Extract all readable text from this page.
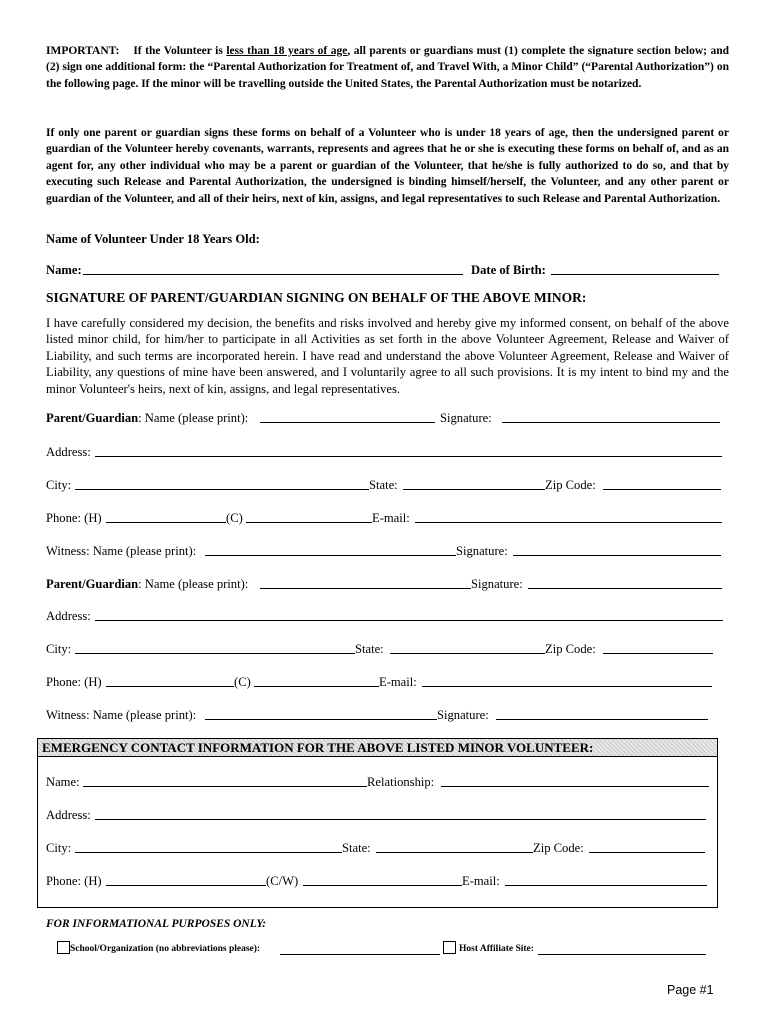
IMPORTANT: If the Volunteer is less than 18 years of age, all parents or guardians must (1) complete the signature section below; and (2) sign one additional form: the “Parental Authorization for Treatment of, and Travel With, a Minor Child” (“Parental Authorization”) on the following page. If the minor will be travelling outside the United States, the Parental Authorization must be notarized.

If only one parent or guardian signs these forms on behalf of a Volunteer who is under 18 years of age, then the undersigned parent or guardian of the Volunteer hereby covenants, warrants, represents and agrees that he or she is executing these forms on behalf of, and as an agent for, any other individual who may be a parent or guardian of the Volunteer, that he/she is fully authorized to do so, and that by executing such Release and Parental Authorization, the undersigned is binding himself/herself, the Volunteer, and any other parent or guardian of the Volunteer, and all of their heirs, next of kin, assigns, and legal representatives to such Release and Parental Authorization.

Name of Volunteer Under 18 Years Old:
Name:	Date of Birth:
SIGNATURE OF PARENT/GUARDIAN SIGNING ON BEHALF OF THE ABOVE MINOR:

I have carefully considered my decision, the benefits and risks involved and hereby give my informed consent, on behalf of the above listed minor child, for him/her to participate in all Activities as set forth in the above Volunteer Agreement, Release and Waiver of Liability, and such terms are incorporated herein. I have read and understand the above Volunteer Agreement, Release and Waiver of Liability, any questions of mine have been answered, and I voluntarily agree to all such provisions. It is my intent to bind my and the minor Volunteer's heirs, next of kin, assigns, and legal representatives.

Parent/Guardian: Name (please print):	Signature:
Address:
City:	State:	Zip Code:
Phone: (H)	(C)	E-mail:
Witness: Name (please print):	Signature:
Parent/Guardian: Name (please print):	Signature:
Address:
City:	State:	Zip Code:
Phone: (H)	(C)	E-mail:
Witness: Name (please print):	Signature:
EMERGENCY CONTACT INFORMATION FOR THE ABOVE LISTED MINOR VOLUNTEER:
Name:	Relationship:
Address:
City:	State:	Zip Code:
Phone: (H)	(C/W)	E-mail:
FOR INFORMATIONAL PURPOSES ONLY:
School/Organization (no abbreviations please):	Host Affiliate Site:
Page #1
